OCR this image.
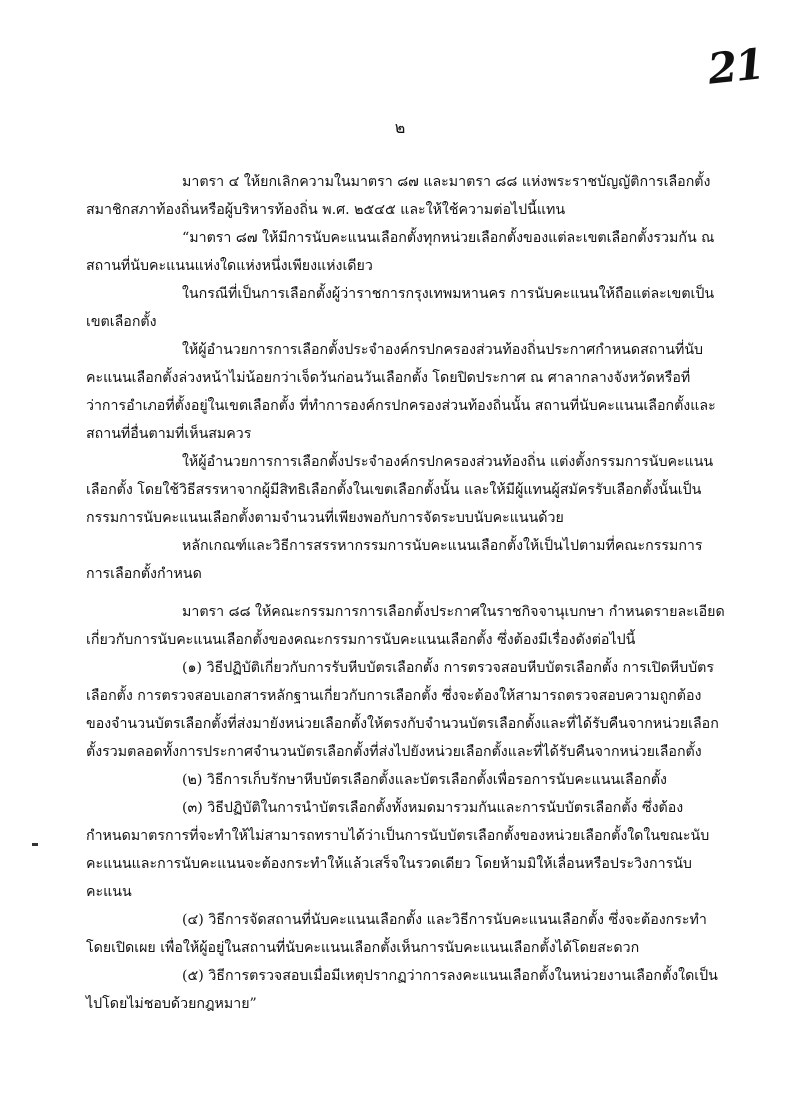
21
๒

มาตรา ๔ ให้ยกเลิกความในมาตรา ๘๗ และมาตรา ๘๘ แห่งพระราชบัญญัติการเลือกตั้งสมาชิกสภาท้องถิ่นหรือผู้บริหารท้องถิ่น พ.ศ. ๒๕๔๕ และให้ใช้ความต่อไปนี้แทน

“มาตรา ๘๗ ให้มีการนับคะแนนเลือกตั้งทุกหน่วยเลือกตั้งของแต่ละเขตเลือกตั้งรวมกัน ณ สถานที่นับคะแนนแห่งใดแห่งหนึ่งเพียงแห่งเดียว

ในกรณีที่เป็นการเลือกตั้งผู้ว่าราชการกรุงเทพมหานคร การนับคะแนนให้ถือแต่ละเขตเป็นเขตเลือกตั้ง

ให้ผู้อำนวยการการเลือกตั้งประจำองค์กรปกครองส่วนท้องถิ่นประกาศกำหนดสถานที่นับคะแนนเลือกตั้งล่วงหน้าไม่น้อยกว่าเจ็ดวันก่อนวันเลือกตั้ง โดยปิดประกาศ ณ ศาลากลางจังหวัดหรือที่ว่าการอำเภอที่ตั้งอยู่ในเขตเลือกตั้ง ที่ทำการองค์กรปกครองส่วนท้องถิ่นนั้น สถานที่นับคะแนนเลือกตั้งและสถานที่อื่นตามที่เห็นสมควร

ให้ผู้อำนวยการการเลือกตั้งประจำองค์กรปกครองส่วนท้องถิ่น แต่งตั้งกรรมการนับคะแนนเลือกตั้ง โดยใช้วิธีสรรหาจากผู้มีสิทธิเลือกตั้งในเขตเลือกตั้งนั้น และให้มีผู้แทนผู้สมัครรับเลือกตั้งนั้นเป็นกรรมการนับคะแนนเลือกตั้งตามจำนวนที่เพียงพอกับการจัดระบบนับคะแนนด้วย

หลักเกณฑ์และวิธีการสรรหากรรมการนับคะแนนเลือกตั้งให้เป็นไปตามที่คณะกรรมการการเลือกตั้งกำหนด

มาตรา ๘๘ ให้คณะกรรมการการเลือกตั้งประกาศในราชกิจจานุเบกษา กำหนดรายละเอียดเกี่ยวกับการนับคะแนนเลือกตั้งของคณะกรรมการนับคะแนนเลือกตั้ง ซึ่งต้องมีเรื่องดังต่อไปนี้

(๑) วิธีปฏิบัติเกี่ยวกับการรับหีบบัตรเลือกตั้ง การตรวจสอบหีบบัตรเลือกตั้ง การเปิดหีบบัตรเลือกตั้ง การตรวจสอบเอกสารหลักฐานเกี่ยวกับการเลือกตั้ง ซึ่งจะต้องให้สามารถตรวจสอบความถูกต้องของจำนวนบัตรเลือกตั้งที่ส่งมายังหน่วยเลือกตั้งให้ตรงกับจำนวนบัตรเลือกตั้งและที่ได้รับคืนจากหน่วยเลือกตั้งรวมตลอดทั้งการประกาศจำนวนบัตรเลือกตั้งที่ส่งไปยังหน่วยเลือกตั้งและที่ได้รับคืนจากหน่วยเลือกตั้ง

(๒) วิธีการเก็บรักษาหีบบัตรเลือกตั้งและบัตรเลือกตั้งเพื่อรอการนับคะแนนเลือกตั้ง

(๓) วิธีปฏิบัติในการนำบัตรเลือกตั้งทั้งหมดมารวมกันและการนับบัตรเลือกตั้ง ซึ่งต้องกำหนดมาตรการที่จะทำให้ไม่สามารถทราบได้ว่าเป็นการนับบัตรเลือกตั้งของหน่วยเลือกตั้งใดในขณะนับคะแนนและการนับคะแนนจะต้องกระทำให้แล้วเสร็จในรวดเดียว โดยห้ามมิให้เลื่อนหรือประวิงการนับคะแนน

(๔) วิธีการจัดสถานที่นับคะแนนเลือกตั้ง และวิธีการนับคะแนนเลือกตั้ง ซึ่งจะต้องกระทำโดยเปิดเผย เพื่อให้ผู้อยู่ในสถานที่นับคะแนนเลือกตั้งเห็นการนับคะแนนเลือกตั้งได้โดยสะดวก

(๕) วิธีการตรวจสอบเมื่อมีเหตุปรากฏว่าการลงคะแนนเลือกตั้งในหน่วยงานเลือกตั้งใดเป็นไปโดยไม่ชอบด้วยกฎหมาย”
